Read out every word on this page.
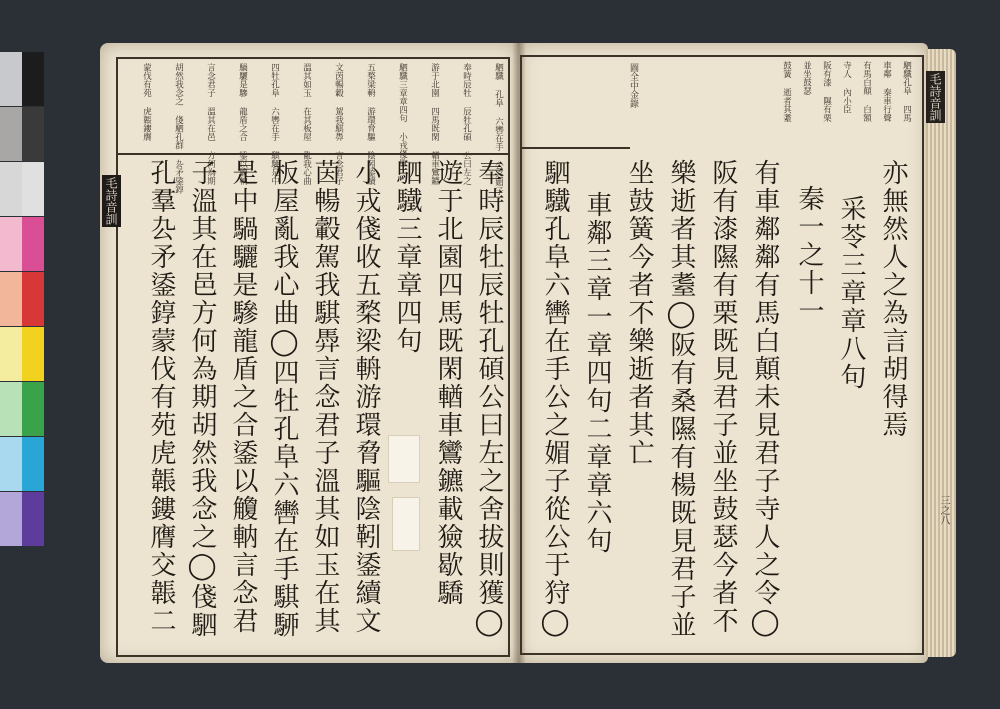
毛詩音訓
駟驖 孔阜 六轡在手 公之媚子
奉時辰牡 辰牡孔碩 公曰左之
游于北園 四馬既閑 輶車鸞鑣
駟驖三章章四句 小戎俴收
五楘梁輈 游環脅驅 陰靷鋈續
文茵暢轂 駕我騏馵 言念君子
溫其如玉 在其板屋 亂我心曲
四牡孔阜 六轡在手 騏駵是中
騧驪是驂 龍盾之合 鋈以觼軜
言念君子 溫其在邑 方何為期
胡然我念之 俴駟孔群 厹矛鋈錞
蒙伐有苑 虎韔鏤膺
奉時辰牡辰牡孔碩公曰左之舍拔則獲◯
遊于北園四馬既閑輶車鸞鑣載獫歇驕
駟驖三章章四句
小戎俴收五楘梁輈游環脅驅陰靷鋈續文
茵暢轂駕我騏馵言念君子溫其如玉在其
板屋亂我心曲◯四牡孔阜六轡在手騏駵
是中騧驪是驂龍盾之合鋈以觼軜言念君
子溫其在邑方何為期胡然我念之◯俴駟
孔羣厹矛鋈錞蒙伐有苑虎韔鏤膺交韔二
圖全中金錄	駟驖孔阜 四馬
車鄰 秦車行聲
有馬白顛 白額
寺人 內小臣
阪有漆 隰有栗
並坐鼓瑟
鼓簧 逝者其耋
亦無然人之為言胡得焉
采苓三章章八句
秦一之十一
有車鄰鄰有馬白顛未見君子寺人之令◯
阪有漆隰有栗既見君子並坐鼓瑟今者不
樂逝者其耋◯阪有桑隰有楊既見君子並
坐鼓簧今者不樂逝者其亡
車鄰三章一章四句二章章六句
駟驖孔阜六轡在手公之媚子從公于狩◯
毛詩音訓
三之八
